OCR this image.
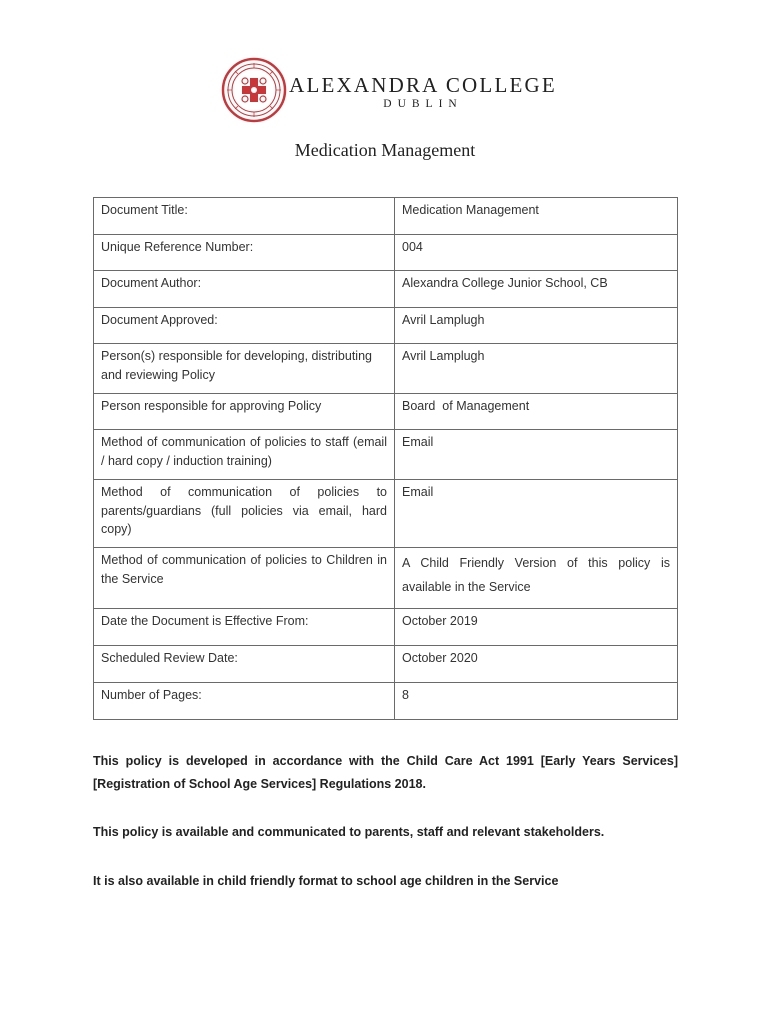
ALEXANDRA COLLEGE
DUBLIN
Medication Management
Document Title:	Medication Management
Unique Reference Number:	004
Document Author:	Alexandra College Junior School, CB
Document Approved:	Avril Lamplugh
Person(s) responsible for developing, distributing and reviewing Policy	Avril Lamplugh
Person responsible for approving Policy	Board  of Management
Method of communication of policies to staff (email / hard copy / induction training)	Email
Method of communication of policies to parents/guardians (full policies via email, hard copy)	Email
Method of communication of policies to Children in the Service	A Child Friendly Version of this policy is available in the Service
Date the Document is Effective From:	October 2019
Scheduled Review Date:	October 2020
Number of Pages:	8

This policy is developed in accordance with the Child Care Act 1991 [Early Years Services] [Registration of School Age Services] Regulations 2018.

This policy is available and communicated to parents, staff and relevant stakeholders.

It is also available in child friendly format to school age children in the Service
